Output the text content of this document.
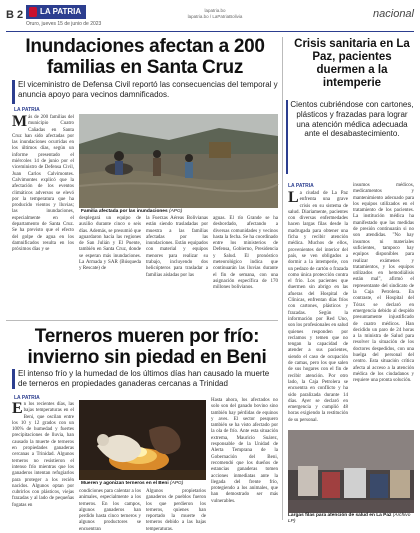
B 2	LA PATRIA
Oruro, jueves 15 de junio de 2023
lapatria.bo
lapatria.bo / LaPatriaBolivia	nacional
Inundaciones afectan a 200 familias en Santa Cruz

El viceministro de Defensa Civil reportó las consecuencias del temporal y anuncia apoyo para vecinos damnificados.

LA PATRIA
Más de 200 familias del municipio Cuatro Cañadas en Santa Cruz han sido afectadas por las inundaciones ocurridas en los últimos días, según un informe presentado el miércoles 14 de junio por el viceministro de Defensa Civil, Juan Carlos Calvimontes. Calvimontes explicó que la afectación de los eventos climáticos adversos se elevó por la temperatura que ha producido vientos y lluvias; las inundaciones, especialmente en el departamento de Santa Cruz. Se ha previsto que el efecto del golpe de agua en los damnificados resulta en los próximos días y se
Familia afectada por las inundaciones (APG)
desplegará un equipo de auxilio durante cinco o seis días. Además, se presumió que aguardaron hacia las regiones de San Julián y El Puente, también en Santa Cruz, donde se esperan más inundaciones. La Armada y SAR (Búsqueda y Rescate) de
la Fuerzas Aéreas Bolivianas están siendo trasladadas por muestra a las familias afectadas por las inundaciones. Están equipados con material y equipos menores para realizar su trabajo, incluyendo dos helicópteros para trasladar a familias aisladas por las
aguas. El río Grande se ha desbordado, afectando a diversas comunidades y vecinos hasta la fecha. Se ha coordinado entre los ministerios de Defensa, Gobierno, Presidencia y Salud. El pronóstico meteorológico indica que continuarán las lluvias durante el fin de semana, con una asignación específica de 170 millones bolivianos.
Terneros mueren por frío: invierno sin piedad en Beni

El intenso frío y la humedad de los últimos días han causado la muerte de terneros en propiedades ganaderas cercanas a Trinidad

LA PATRIA
En los recientes días, las bajas temperaturas en el Beni, que oscilan entre los 10 y 12 grados con un 100% de humedad y fuertes precipitaciones de lluvia, han causado la muerte de terneros en propiedades ganaderas cercanas a Trinidad. Algunos terneros no resistieron el intenso frío mientras que los ganaderos intentan refugiarlos para proteger a los recién nacidos. Algunos optan por cubrirlos con plásticos, viejas frazadas y al lado de pequeñas fogatas en
Mueren y agonizan terneros en el Beni (APG)
condiciones para calentar a los animales, especialmente a los terneros. En los campos, algunos ganaderos han perdido hasta cinco terneros y algunos productores se encuentran
Algunos propietarios ganaderos de pueblos fueron los que perdieron los terneros, quienes han reportado la muerte de terneros debido a las bajas temperaturas.
Hasta ahora, los afectados no solo son del ganado bovino sino también hay pérdidas de equinos y aves. El sector pesquero también se ha visto afectado por la ola de frío. Ante esta situación extrema, Mauricio Suárez, responsable de la Unidad de Alerta Temprana de la Gobernación del Beni, recomendó que los dueños de estancias ganaderas tomen acciones inmediatas ante la llegada del frente frío, protegiendo a los animales, que han demostrado ser más vulnerables.
Crisis sanitaria en La Paz, pacientes duermen a la intemperie

Cientos cubriéndose con cartones, plásticos y frazadas para lograr una atención médica adecuada ante el desabastecimiento.

LA PATRIA
La ciudad de La Paz enfrenta una grave crisis en su sistema de salud. Diariamente, pacientes con diversas enfermedades hacen largas filas desde la madrugada para obtener una ficha y recibir atención médica. Muchos de ellos, provenientes del interior del país, se ven obligados a dormir a la intemperie, con un pedazo de cartón o frazada como única protección contra el frío. Los pacientes que duermen sin abrigo en las afueras del Hospital de Clínicas, enfrentan días fríos con cartones, plásticos y frazadas. Según la información por Red Uno, son los profesionales en salud quienes responden por reclamos y temen que no tengan la capacidad de atender a sus pacientes, siendo el caso de ocupación de camas, pero los que salen de sus hogares con el fin de recibir atención. Por otro lado, la Caja Petrolera se encuentra en conflicto y ha sido paralizada durante 14 días. Ayer se declaró en emergencia y cumplió 48 horas exigiendo la restitución de su personal.
insumos médicos, medicamentos y mantenimiento adecuado para los equipos utilizados en el tratamiento de los pacientes. La institución médica ha manifestado que las medidas de presión continuarán si no son atendidas. "No hay insumos ni materiales suficientes, tampoco hay equipos disponibles para realizar exámenes y tratamientos, y los equipos utilizados en hemodiálisis están mal", afirmó el representante del sindicato de la Caja Petrolera. En contraste, el Hospital del Tórax se declaró en emergencia debido al despido presuntamente injustificado de cuatro médicos. Han decidido un paro de 24 horas a la ministra de Salud para resolver la situación de los doctores despedidos, con una huelga del personal del centro. Esta situación crítica afecta al acceso a la atención médica de los ciudadanos y requiere una pronta solución.
Largas filas para atención de salud en La Paz (Archivo LP)
